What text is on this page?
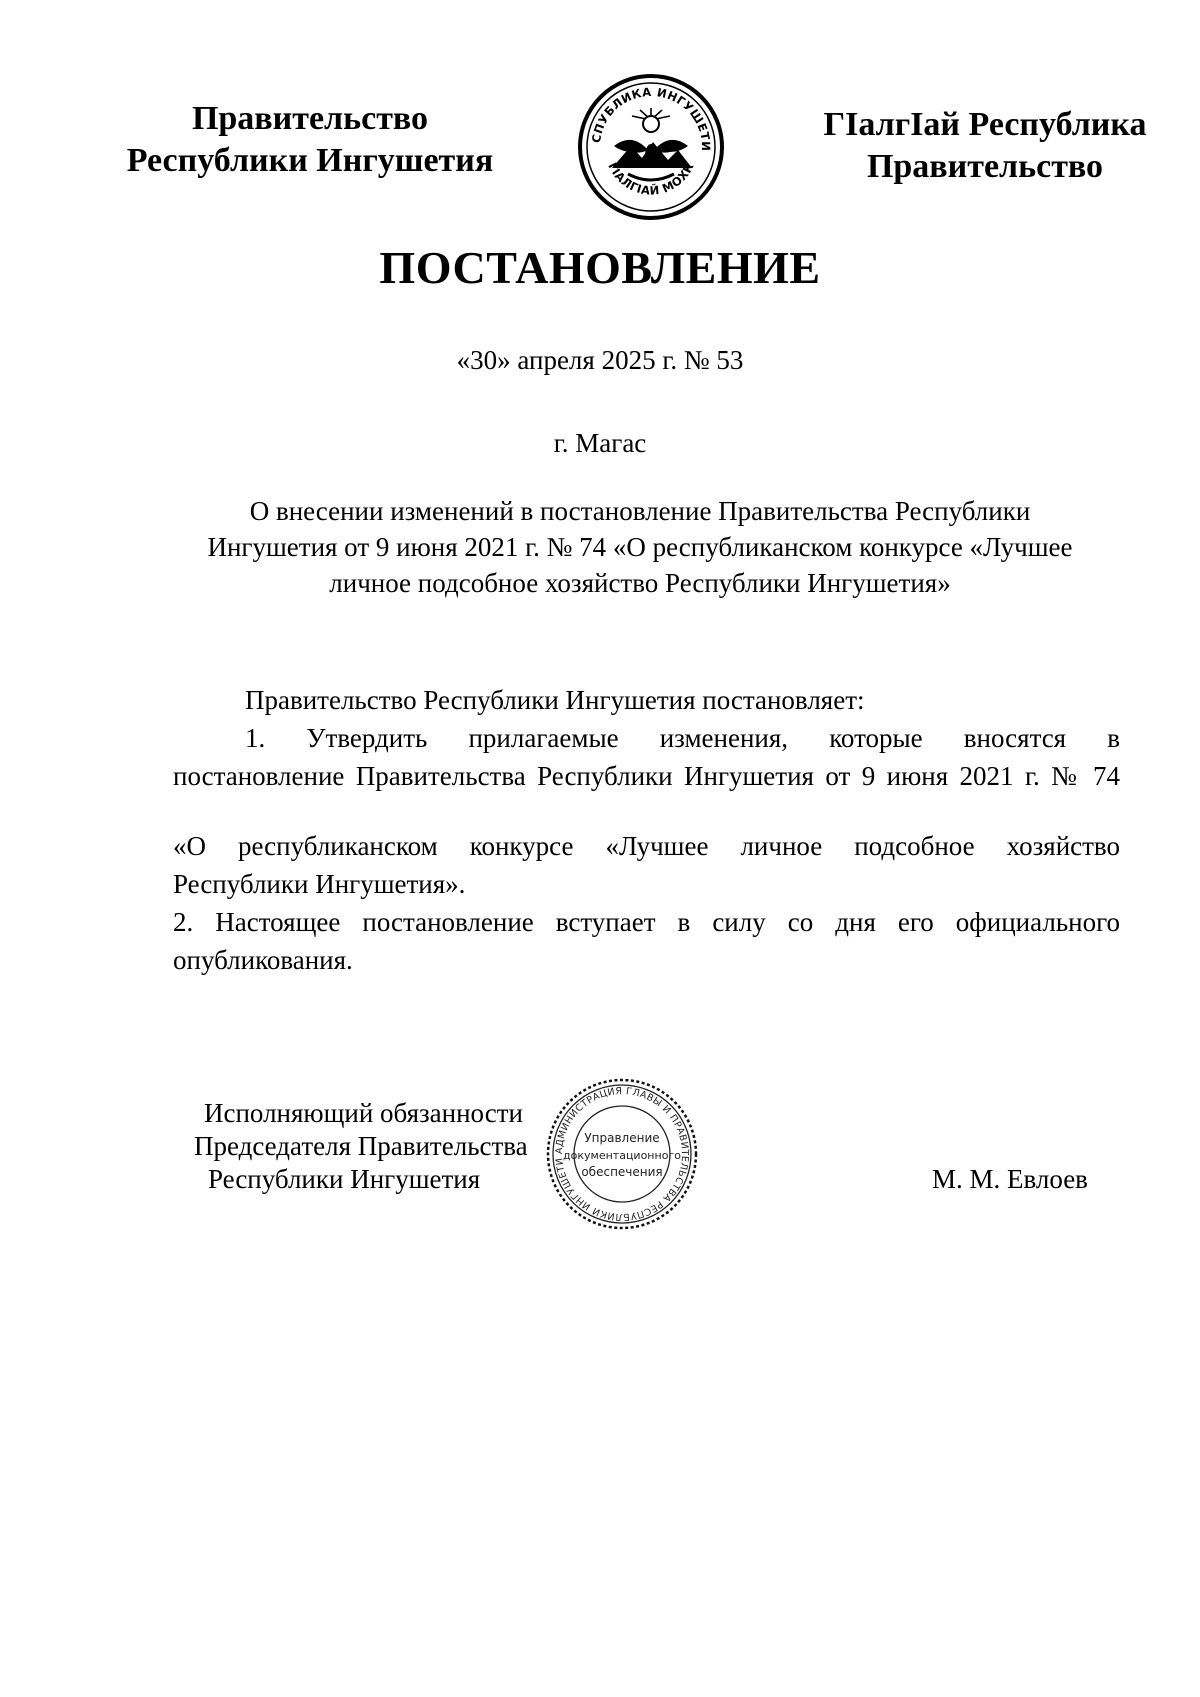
Правительство
Республики Ингушетия
СПУБЛИКА ИНГУШЕТИ
ГIАЛГIАЙ МОХК
ГIалгIай Республика
Правительство
ПОСТАНОВЛЕНИЕ
«30» апреля 2025 г. № 53
г. Магас
О внесении изменений в постановление Правительства Республики
Ингушетия от 9 июня 2021 г. № 74 «О республиканском конкурсе «Лучшее
личное подсобное хозяйство Республики Ингушетия»
Правительство Республики Ингушетия постановляет:
1. Утвердить прилагаемые изменения, которые вносятся в
постановление Правительства Республики Ингушетия от 9 июня 2021 г. № 74
«О республиканском конкурсе «Лучшее личное подсобное хозяйство
Республики Ингушетия».
2. Настоящее постановление вступает в силу со дня его официального
опубликования.
Исполняющий обязанности
Председателя Правительства
Республики Ингушетия	М. М. Евлоев
АДМИНИСТРАЦИЯ ГЛАВЫ И ПРАВИТЕЛЬСТВА РЕСПУБЛИКИ ИНГУШЕТИ
Управление
документационного
обеспечения
